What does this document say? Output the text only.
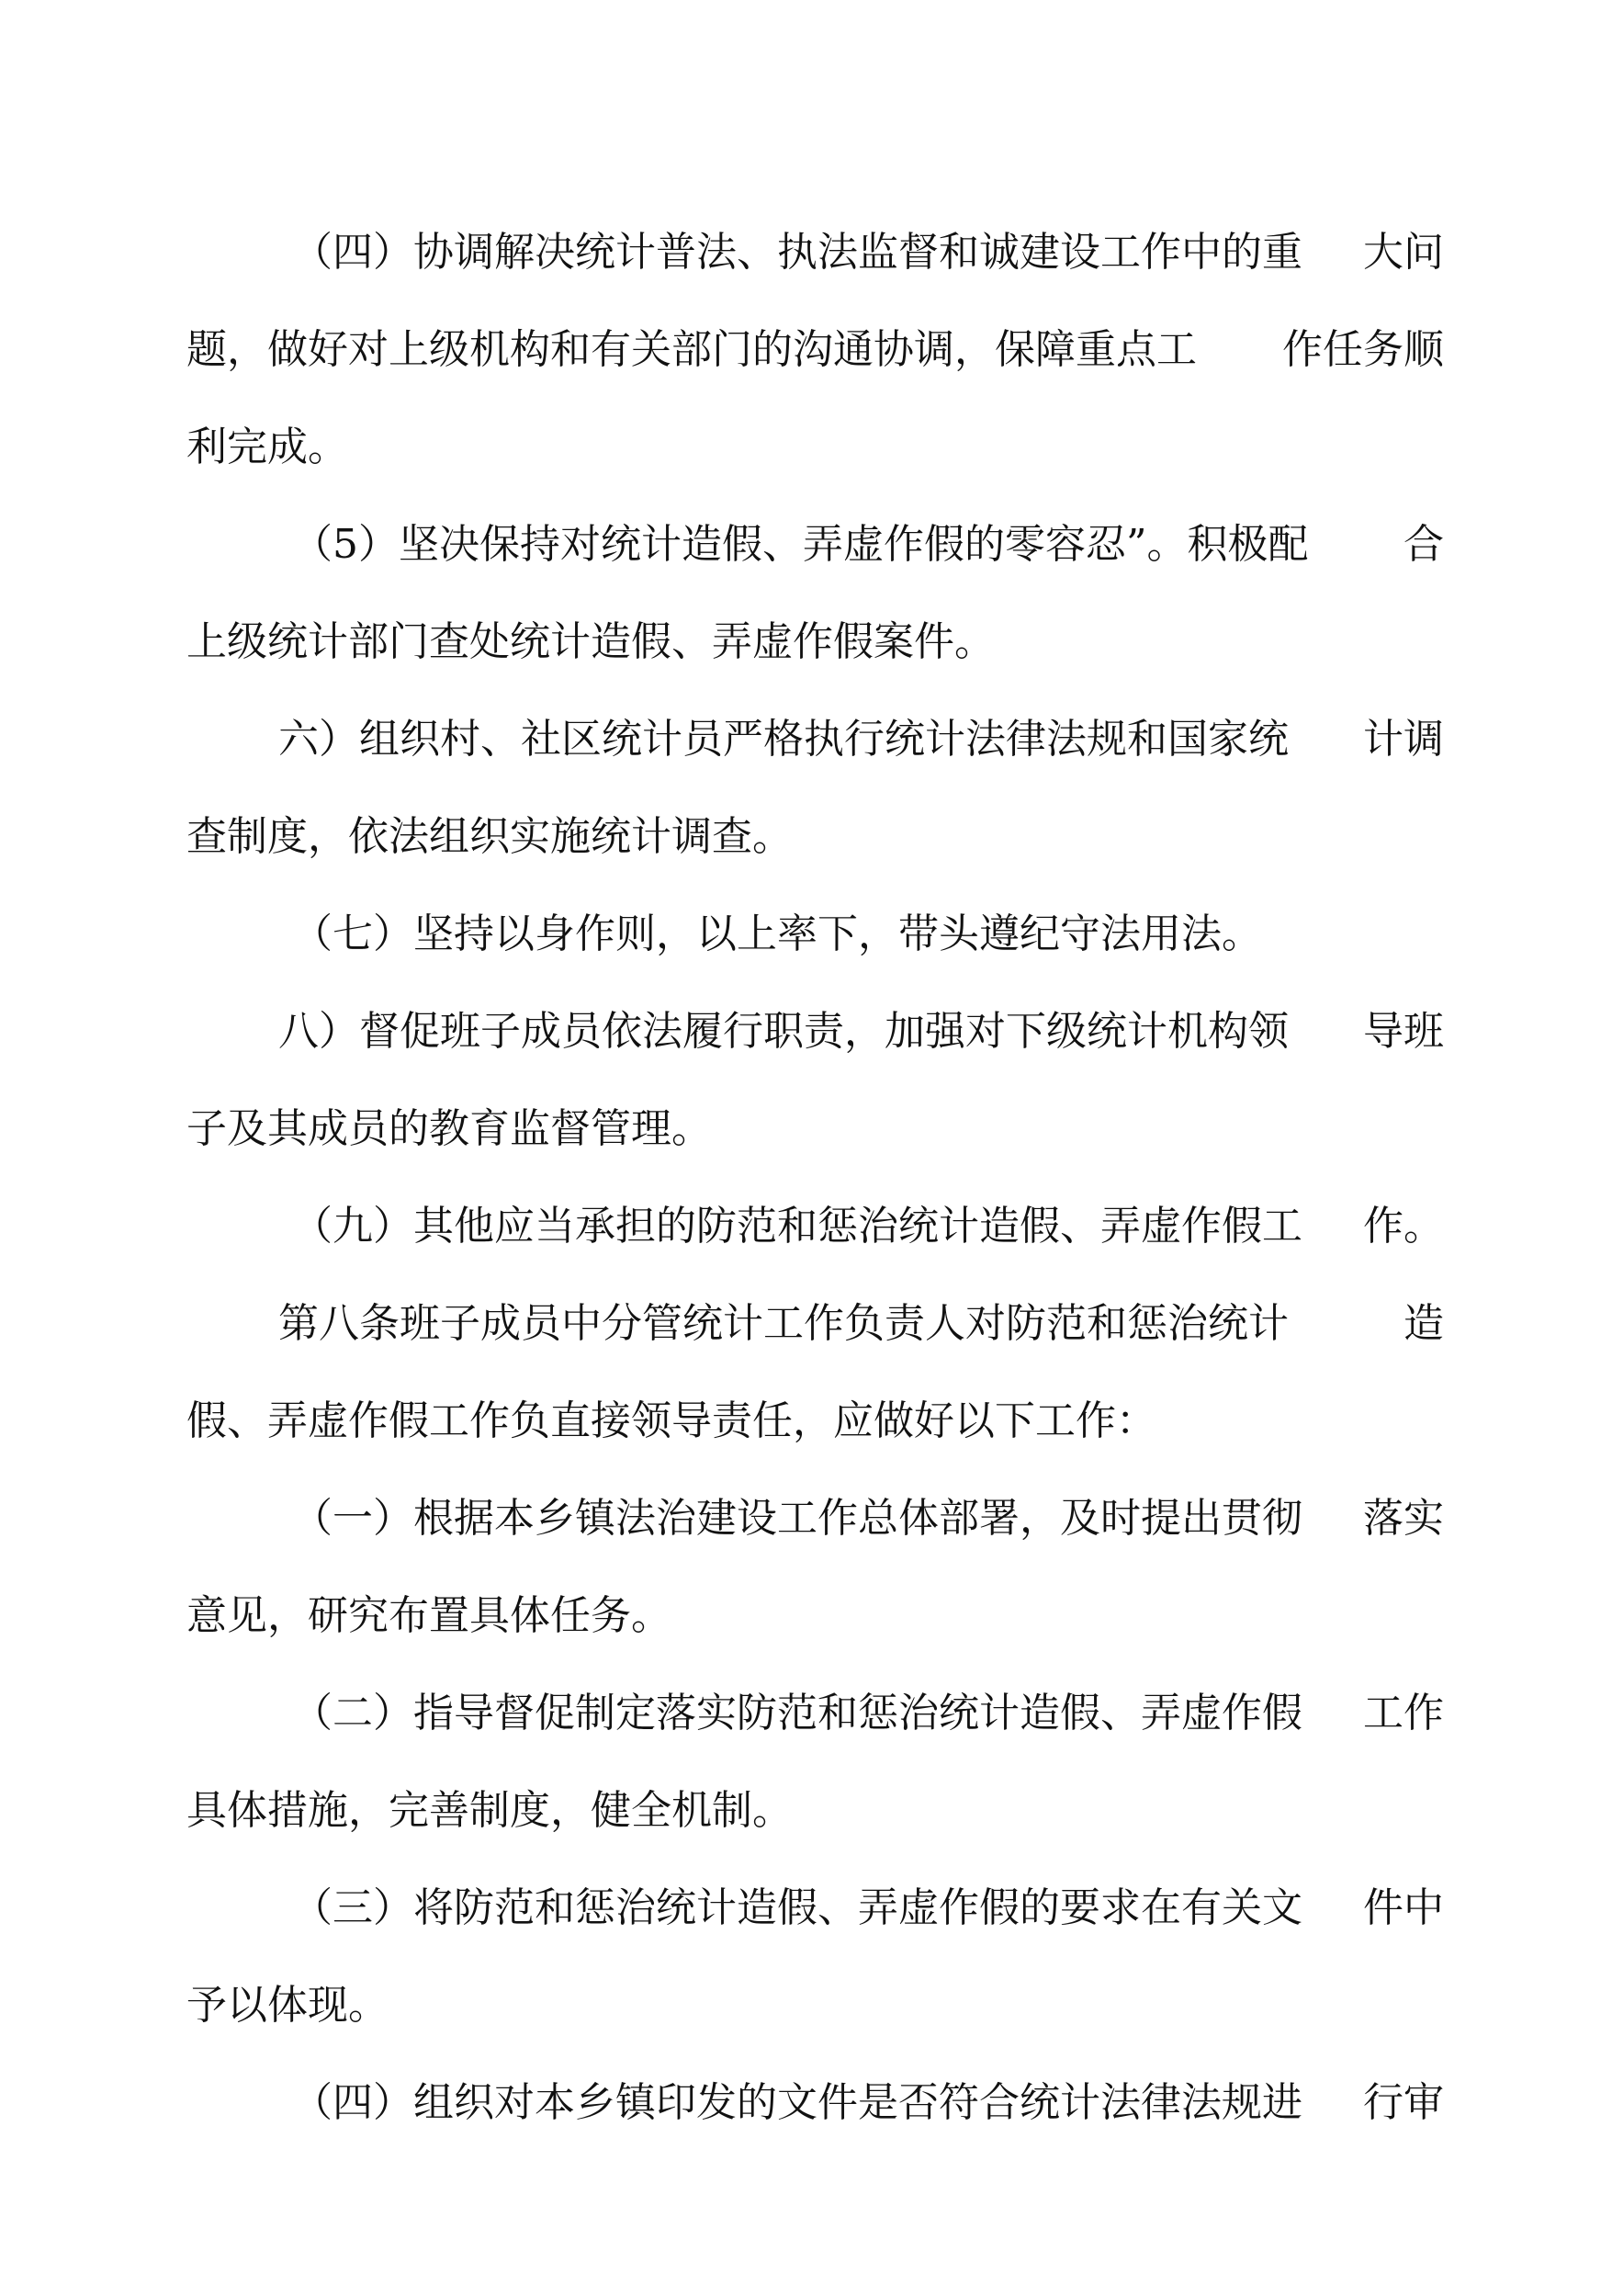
（四）协调解决统计普法、执法监督和诚建设工作中的重

大问

题，做好对上级机构和有关部门的沟通协调，保障重点工

作任务顺

利完成。

（5）坚决保持对统计造假、弄虚作假的零容忍”。积极配

合

上级统计部门查处统计造假、弄虚作假案件。

六）组织村、社区统计员严格执行统计法律法规和国家统

计调

查制度，依法组织实施统计调查。

（七）坚持以身作则，以上率下，带头遵纪守法用法。

八）督促班子成员依法履行职责，加强对下级统计机构领

导班

子及其成员的教育监督管理。

（九）其他应当承担的防范和惩治统计造假、弄虚作假工

作。

第八条班子成员中分管统计工作负责人对防范和惩治统计

	造

假、弄虚作假工作负直接领导责任，应做好以下工作：

（一）根据本乡镇法治建设工作总体部署，及时提出贯彻

落实

意见，研究布置具体任务。

（二）指导督促制定落实防范和惩治统计造假、弄虚作假

工作

具体措施，完善制度，健全机制。

（三）将防范和惩治统计造假、弄虚作假的要求在有关文

件中

予以体现。

（四）组织对本乡镇印发的文件是否符合统计法律法规进

行审
